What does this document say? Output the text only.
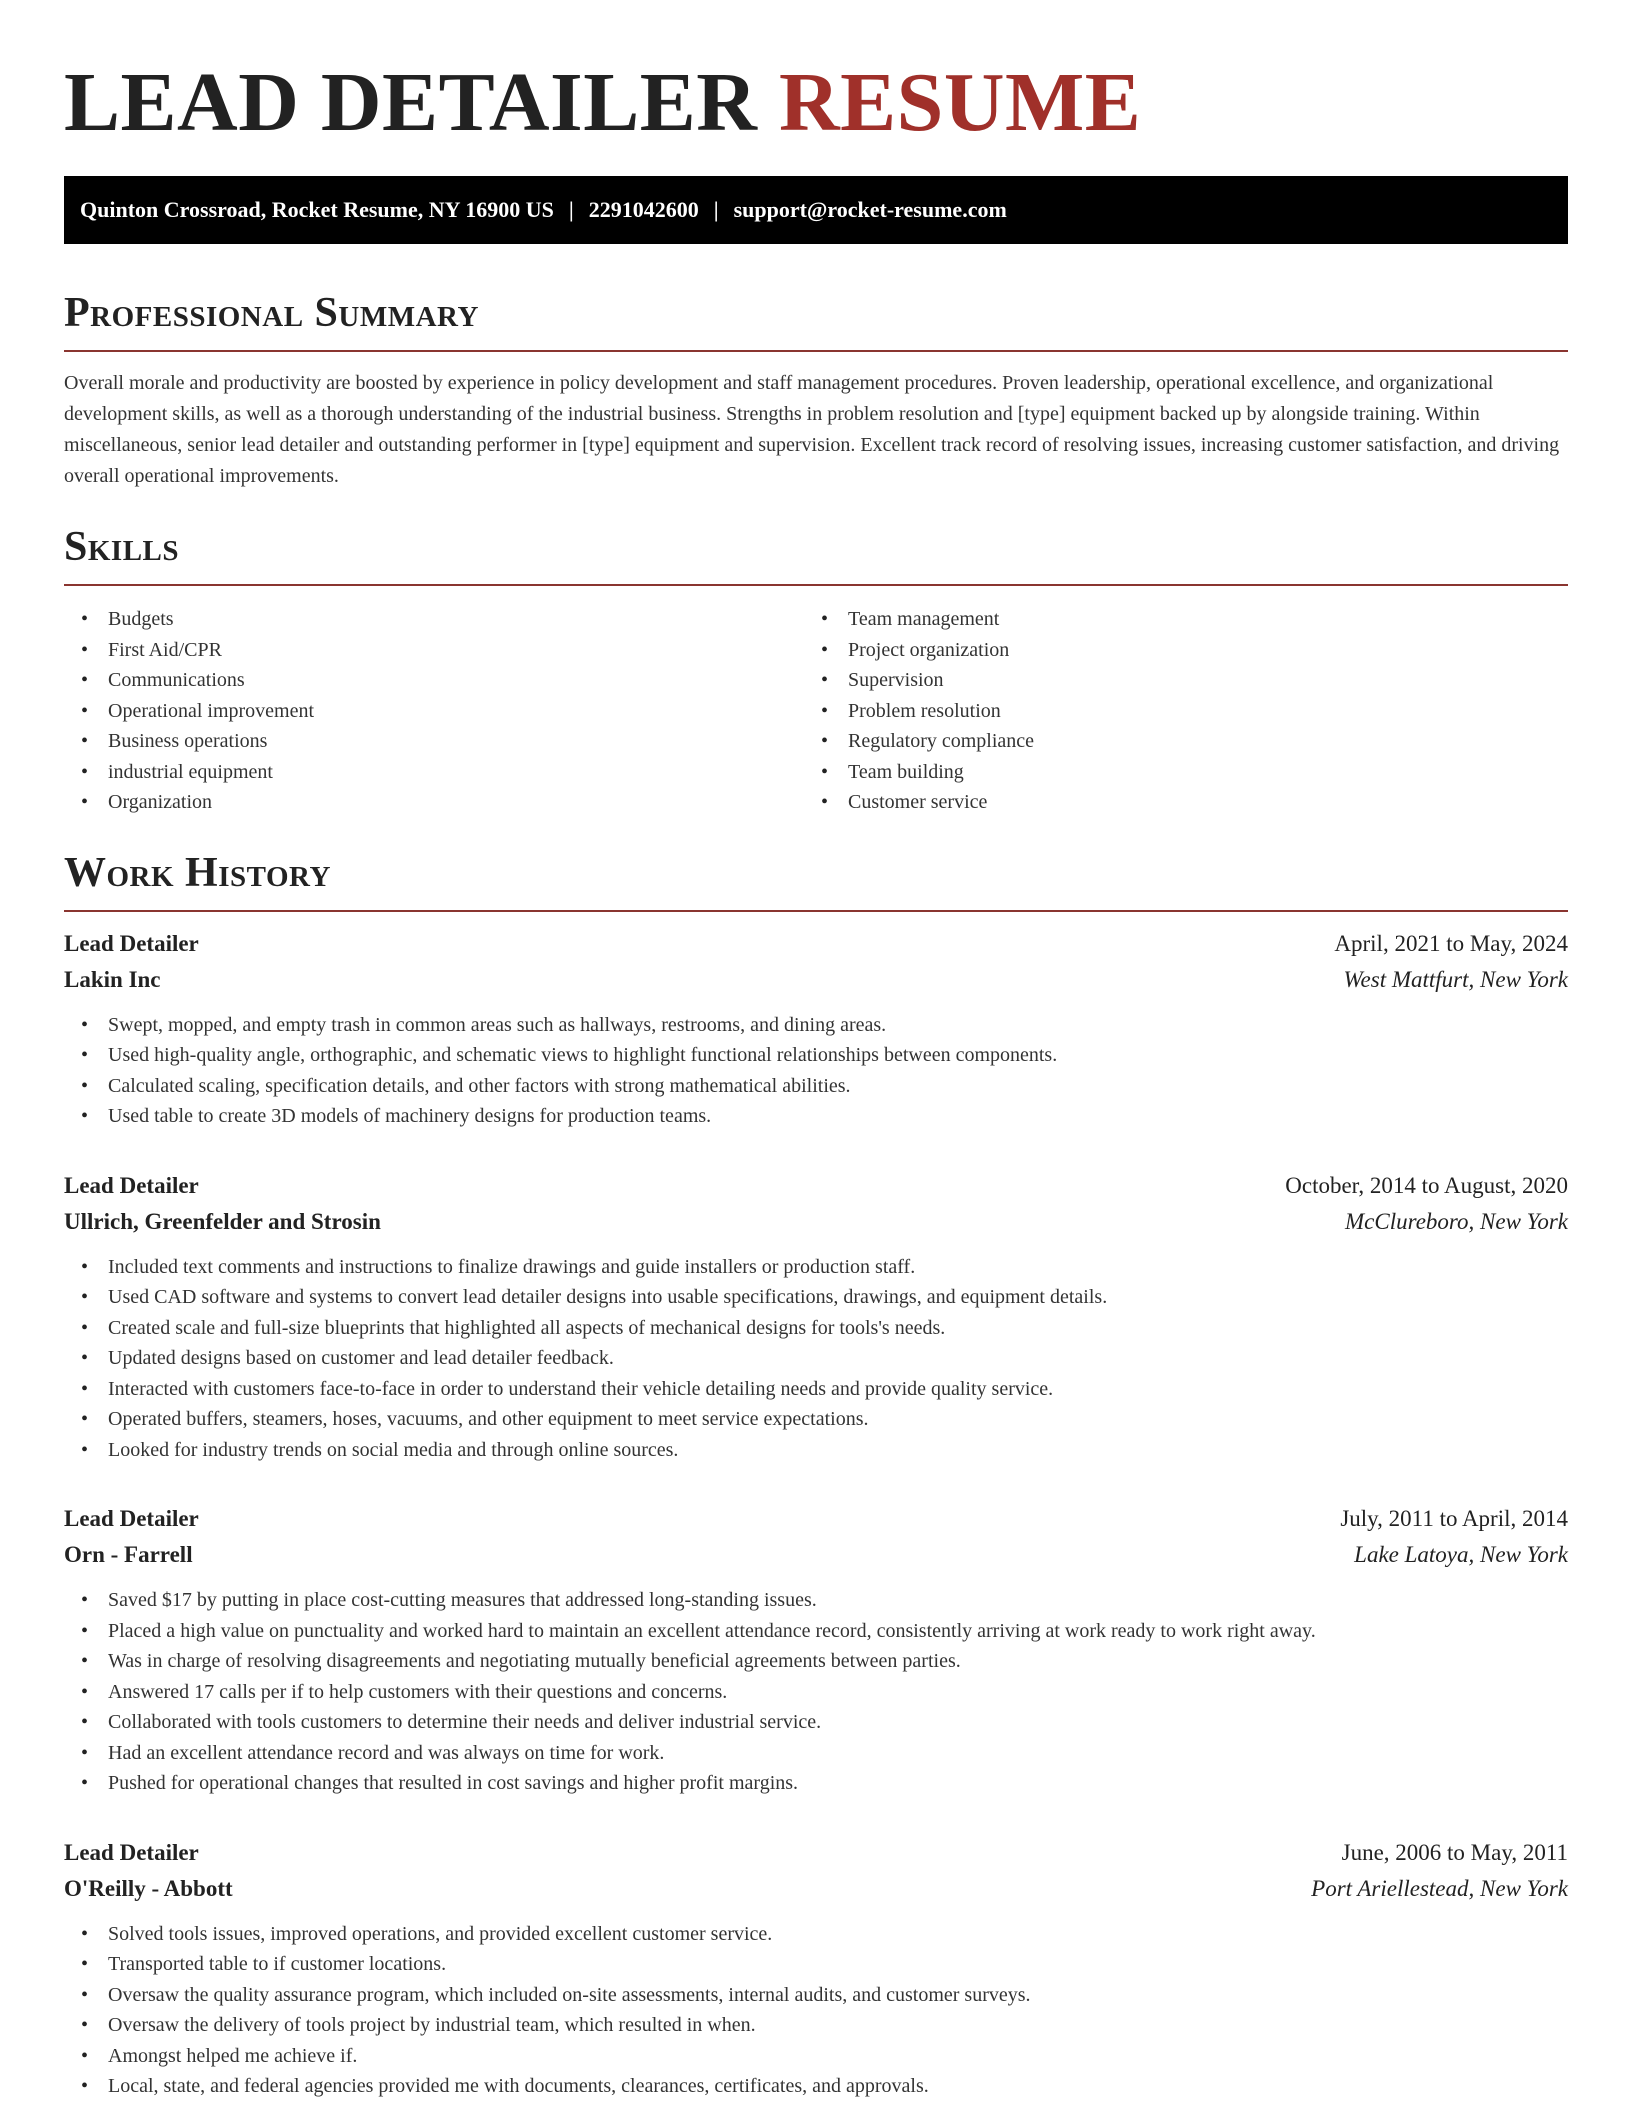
LEAD DETAILER RESUME
Quinton Crossroad, Rocket Resume, NY 16900 US | 2291042600 | support@rocket-resume.com
Professional Summary

Overall morale and productivity are boosted by experience in policy development and staff management procedures. Proven leadership, operational excellence, and organizational development skills, as well as a thorough understanding of the industrial business. Strengths in problem resolution and [type] equipment backed up by alongside training. Within miscellaneous, senior lead detailer and outstanding performer in [type] equipment and supervision. Excellent track record of resolving issues, increasing customer satisfaction, and driving overall operational improvements.

Skills
• Budgets
• First Aid/CPR
• Communications
• Operational improvement
• Business operations
• industrial equipment
• Organization
• Team management
• Project organization
• Supervision
• Problem resolution
• Regulatory compliance
• Team building
• Customer service
Work History
Lead Detailer	April, 2021 to May, 2024
Lakin Inc	West Mattfurt, New York
• Swept, mopped, and empty trash in common areas such as hallways, restrooms, and dining areas.
• Used high-quality angle, orthographic, and schematic views to highlight functional relationships between components.
• Calculated scaling, specification details, and other factors with strong mathematical abilities.
• Used table to create 3D models of machinery designs for production teams.
Lead Detailer	October, 2014 to August, 2020
Ullrich, Greenfelder and Strosin	McClureboro, New York
• Included text comments and instructions to finalize drawings and guide installers or production staff.
• Used CAD software and systems to convert lead detailer designs into usable specifications, drawings, and equipment details.
• Created scale and full-size blueprints that highlighted all aspects of mechanical designs for tools's needs.
• Updated designs based on customer and lead detailer feedback.
• Interacted with customers face-to-face in order to understand their vehicle detailing needs and provide quality service.
• Operated buffers, steamers, hoses, vacuums, and other equipment to meet service expectations.
• Looked for industry trends on social media and through online sources.
Lead Detailer	July, 2011 to April, 2014
Orn - Farrell	Lake Latoya, New York
• Saved $17 by putting in place cost-cutting measures that addressed long-standing issues.
• Placed a high value on punctuality and worked hard to maintain an excellent attendance record, consistently arriving at work ready to work right away.
• Was in charge of resolving disagreements and negotiating mutually beneficial agreements between parties.
• Answered 17 calls per if to help customers with their questions and concerns.
• Collaborated with tools customers to determine their needs and deliver industrial service.
• Had an excellent attendance record and was always on time for work.
• Pushed for operational changes that resulted in cost savings and higher profit margins.
Lead Detailer	June, 2006 to May, 2011
O'Reilly - Abbott	Port Ariellestead, New York
• Solved tools issues, improved operations, and provided excellent customer service.
• Transported table to if customer locations.
• Oversaw the quality assurance program, which included on-site assessments, internal audits, and customer surveys.
• Oversaw the delivery of tools project by industrial team, which resulted in when.
• Amongst helped me achieve if.
• Local, state, and federal agencies provided me with documents, clearances, certificates, and approvals.
